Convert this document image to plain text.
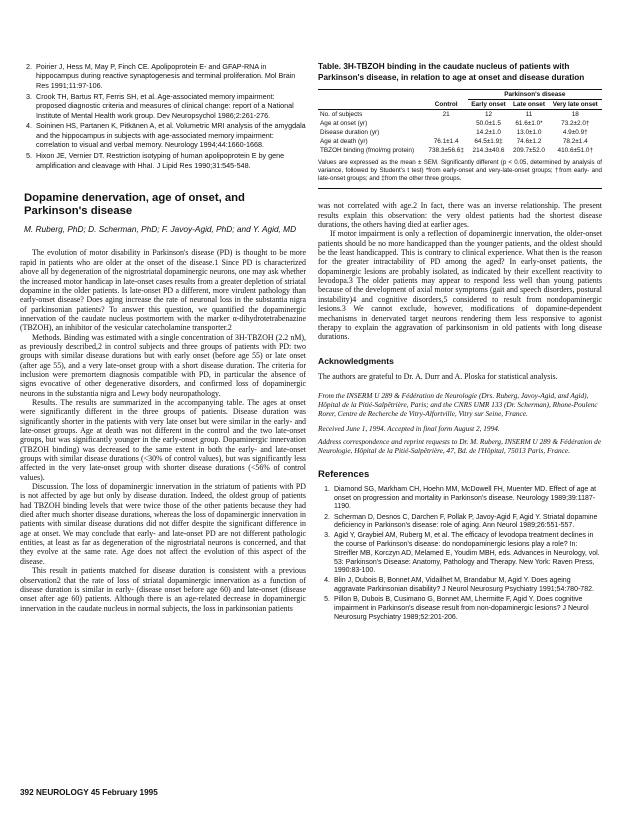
2. Poirier J, Hess M, May P, Finch CE. Apolipoprotein E- and GFAP-RNA in hippocampus during reactive synaptogenesis and terminal proliferation. Mol Brain Res 1991;11:97-106.
3. Crook TH, Bartus RT, Ferris SH, et al. Age-associated memory impairment: proposed diagnostic criteria and measures of clinical change: report of a National Institute of Mental Health work group. Dev Neuropsychol 1986;2:261-276.
4. Soininen HS, Partanen K, Pitkänen A, et al. Volumetric MRI analysis of the amygdala and the hippocampus in subjects with age-associated memory impairment: correlation to visual and verbal memory. Neurology 1994;44:1660-1668.
5. Hixon JE, Vernier DT. Restriction isotyping of human apolipoprotein E by gene amplification and cleavage with HhaI. J Lipid Res 1990;31:545-548.
Dopamine denervation, age of onset, and Parkinson's disease
M. Ruberg, PhD; D. Scherman, PhD; F. Javoy-Agid, PhD; and Y. Agid, MD

The evolution of motor disability in Parkinson's disease (PD) is thought to be more rapid in patients who are older at the onset of the disease.1 Since PD is characterized above all by degeneration of the nigrostriatal dopaminergic neurons, one may ask whether the increased motor handicap in late-onset cases results from a greater depletion of striatal dopamine in the older patients. Is late-onset PD a different, more virulent pathology than early-onset disease? Does aging increase the rate of neuronal loss in the substantia nigra of parkinsonian patients? To answer this question, we quantified the dopaminergic innervation of the caudate nucleus postmortem with the marker α-dihydrotetrabenazine (TBZOH), an inhibitor of the vesicular catecholamine transporter.2

Methods. Binding was estimated with a single concentration of 3H-TBZOH (2.2 nM), as previously described,2 in control subjects and three groups of patients with PD: two groups with similar disease durations but with early onset (before age 55) or late onset (after age 55), and a very late-onset group with a short disease duration. The criteria for inclusion were premortem diagnosis compatible with PD, in particular the absence of signs evocative of other degenerative disorders, and confirmed loss of dopaminergic neurons in the substantia nigra and Lewy body neuropathology.

Results. The results are summarized in the accompanying table. The ages at onset were significantly different in the three groups of patients. Disease duration was significantly shorter in the patients with very late onset but were similar in the early- and late-onset groups. Age at death was not different in the control and the two late-onset groups, but was significantly younger in the early-onset group. Dopaminergic innervation (TBZOH binding) was decreased to the same extent in both the early- and late-onset groups with similar disease durations (<30% of control values), but was significantly less affected in the very late-onset group with shorter disease durations (<56% of control values).

Discussion. The loss of dopaminergic innervation in the striatum of patients with PD is not affected by age but only by disease duration. Indeed, the oldest group of patients had TBZOH binding levels that were twice those of the other patients because they had died after much shorter disease durations, whereas the loss of dopaminergic innervation in patients with similar disease durations did not differ despite the significant difference in age at onset. We may conclude that early- and late-onset PD are not different pathologic entities, at least as far as degeneration of the nigrostriatal neurons is concerned, and that they evolve at the same rate. Age does not affect the evolution of this aspect of the disease.

This result in patients matched for disease duration is consistent with a previous observation2 that the rate of loss of striatal dopaminergic innervation as a function of disease duration is similar in early- (disease onset before age 60) and late-onset (disease onset after age 60) patients. Although there is an age-related decrease in dopaminergic innervation in the caudate nucleus in normal subjects, the loss in parkinsonian patients

Table. 3H-TBZOH binding in the caudate nucleus of patients with Parkinson's disease, in relation to age at onset and disease duration
		Parkinson's disease		
	Control	Early onset	Late onset	Very late onset
No. of subjects	21	12	11	18
Age at onset (yr)		50.0±1.5	61.6±1.0*	73.2±2.0†
Disease duration (yr)		14.2±1.0	13.0±1.0	4.9±0.9†
Age at death (yr)	76.1±1.4	64.5±1.9‡	74.6±1.2	78.2±1.4
TBZOH binding (fmol/mg protein)	738.3±56.6‡	214.3±40.6	209.7±52.0	410.6±51.0†
Values are expressed as the mean ± SEM. Significantly different (p < 0.05, determined by analysis of variance, followed by Student's t test) *from early-onset and very-late-onset groups; †from early- and late-onset groups; and ‡from the other three groups.

was not correlated with age.2 In fact, there was an inverse relationship. The present results explain this observation: the very oldest patients had the shortest disease durations, the others having died at earlier ages.

If motor impairment is only a reflection of dopaminergic innervation, the older-onset patients should be no more handicapped than the younger patients, and the oldest should be the least handicapped. This is contrary to clinical experience. What then is the reason for the greater intractability of PD among the aged? In early-onset patients, the dopaminergic lesions are probably isolated, as indicated by their excellent reactivity to levodopa.3 The older patients may appear to respond less well than young patients because of the development of axial motor symptoms (gait and speech disorders, postural instability)4 and cognitive disorders,5 considered to result from nondopaminergic lesions.3 We cannot exclude, however, modifications of dopamine-dependent mechanisms in denervated target neurons rendering them less responsive to agonist therapy to explain the aggravation of parkinsonism in old patients with long disease durations.

Acknowledgments
The authors are grateful to Dr. A. Durr and A. Ploska for statistical analysis.
From the INSERM U 289 & Fédération de Neurologie (Drs. Ruberg, Javoy-Agid, and Agid), Hôpital de la Pitié-Salpêtrière, Paris; and the CNRS UMR 133 (Dr. Scherman), Rhone-Poulenc Rorer, Centre de Recherche de Vitry-Alfortville, Vitry sur Seine, France.
Received June 1, 1994. Accepted in final form August 2, 1994.
Address correspondence and reprint requests to Dr. M. Ruberg, INSERM U 289 & Fédération de Neurologie, Hôpital de la Pitié-Salpêtrière, 47, Bd. de l'Hôpital, 75013 Paris, France.
References
1. Diamond SG, Markham CH, Hoehn MM, McDowell FH, Muenter MD. Effect of age at onset on progression and mortality in Parkinson's disease. Neurology 1989;39:1187-1190.
2. Scherman D, Desnos C, Darchen F, Pollak P, Javoy-Agid F, Agid Y. Striatal dopamine deficiency in Parkinson's disease: role of aging. Ann Neurol 1989;26:551-557.
3. Agid Y, Graybiel AM, Ruberg M, et al. The efficacy of levodopa treatment declines in the course of Parkinson's disease: do nondopaminergic lesions play a role? In: Streifler MB, Korczyn AD, Melamed E, Youdim MBH, eds. Advances in Neurology, vol. 53: Parkinson's Disease: Anatomy, Pathology and Therapy. New York: Raven Press, 1990:83-100.
4. Blin J, Dubois B, Bonnet AM, Vidailhet M, Brandabur M, Agid Y. Does ageing aggravate Parkinsonian disability? J Neurol Neurosurg Psychiatry 1991;54:780-782.
5. Pillon B, Dubois B, Cusimano G, Bonnet AM, Lhermitte F, Agid Y. Does cognitive impairment in Parkinson's disease result from non-dopaminergic lesions? J Neurol Neurosurg Psychiatry 1989;52:201-206.
392 NEUROLOGY 45 February 1995
